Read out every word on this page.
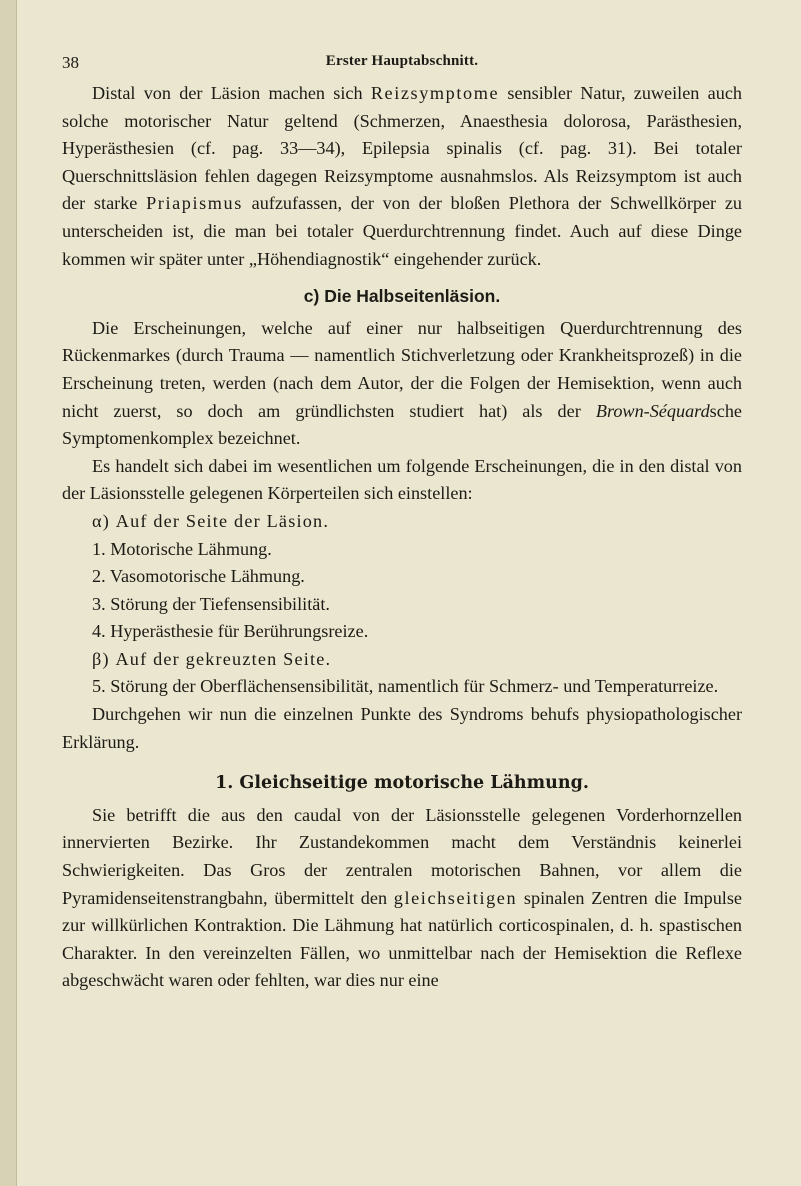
38	Erster Hauptabschnitt.

Distal von der Läsion machen sich Reizsymptome sensibler Natur, zuweilen auch solche motorischer Natur geltend (Schmerzen, Anaesthesia dolorosa, Parästhesien, Hyperästhesien (cf. pag. 33—34), Epilepsia spinalis (cf. pag. 31). Bei totaler Querschnittsläsion fehlen dagegen Reizsymptome ausnahmslos. Als Reizsymptom ist auch der starke Priapismus aufzufassen, der von der bloßen Plethora der Schwellkörper zu unterscheiden ist, die man bei totaler Querdurchtrennung findet. Auch auf diese Dinge kommen wir später unter „Höhendiagnostik“ eingehender zurück.

c) Die Halbseitenläsion.

Die Erscheinungen, welche auf einer nur halbseitigen Querdurchtrennung des Rückenmarkes (durch Trauma — namentlich Stichverletzung oder Krankheitsprozeß) in die Erscheinung treten, werden (nach dem Autor, der die Folgen der Hemisektion, wenn auch nicht zuerst, so doch am gründlichsten studiert hat) als der Brown-Séquardsche Symptomenkomplex bezeichnet.

Es handelt sich dabei im wesentlichen um folgende Erscheinungen, die in den distal von der Läsionsstelle gelegenen Körperteilen sich einstellen:

α) Auf der Seite der Läsion.

1. Motorische Lähmung.

2. Vasomotorische Lähmung.

3. Störung der Tiefensensibilität.

4. Hyperästhesie für Berührungsreize.

β) Auf der gekreuzten Seite.

5. Störung der Oberflächensensibilität, namentlich für Schmerz- und Temperaturreize.

Durchgehen wir nun die einzelnen Punkte des Syndroms behufs physiopathologischer Erklärung.

1. Gleichseitige motorische Lähmung.

Sie betrifft die aus den caudal von der Läsionsstelle gelegenen Vorderhornzellen innervierten Bezirke. Ihr Zustandekommen macht dem Verständnis keinerlei Schwierigkeiten. Das Gros der zentralen motorischen Bahnen, vor allem die Pyramidenseitenstrangbahn, übermittelt den gleichseitigen spinalen Zentren die Impulse zur willkürlichen Kontraktion. Die Lähmung hat natürlich corticospinalen, d. h. spastischen Charakter. In den vereinzelten Fällen, wo unmittelbar nach der Hemisektion die Reflexe abgeschwächt waren oder fehlten, war dies nur eine
